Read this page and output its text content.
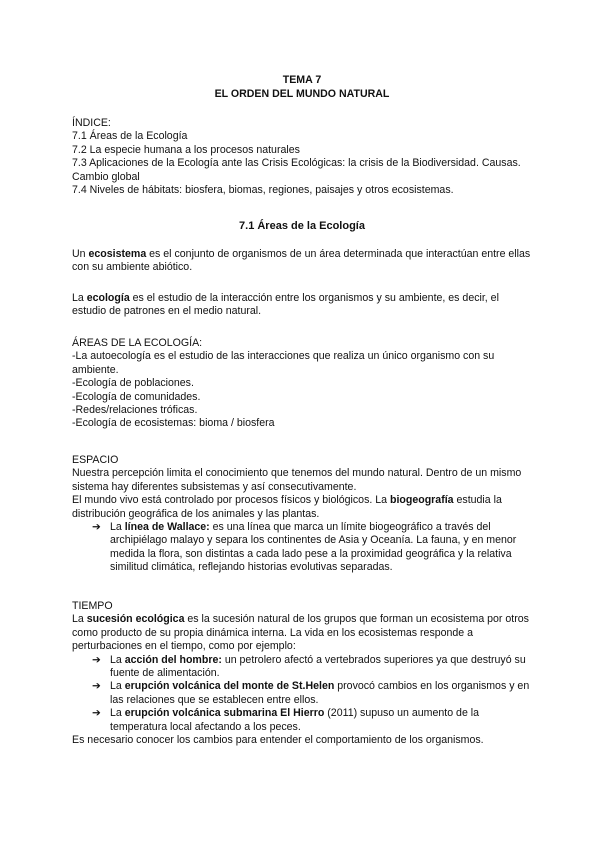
TEMA 7
EL ORDEN DEL MUNDO NATURAL
ÍNDICE:
7.1 Áreas de la Ecología
7.2 La especie humana a los procesos naturales
7.3 Aplicaciones de la Ecología ante las Crisis Ecológicas: la crisis de la Biodiversidad. Causas. Cambio global
7.4 Niveles de hábitats: biosfera, biomas, regiones, paisajes y otros ecosistemas.
7.1 Áreas de la Ecología

Un ecosistema es el conjunto de organismos de un área determinada que interactúan entre ellas con su ambiente abiótico.

La ecología es el estudio de la interacción entre los organismos y su ambiente, es decir, el estudio de patrones en el medio natural.

ÁREAS DE LA ECOLOGÍA:
-La autoecología es el estudio de las interacciones que realiza un único organismo con su ambiente.
-Ecología de poblaciones.
-Ecología de comunidades.
-Redes/relaciones tróficas.
-Ecología de ecosistemas: bioma / biosfera
ESPACIO

Nuestra percepción limita el conocimiento que tenemos del mundo natural. Dentro de un mismo sistema hay diferentes subsistemas y así consecutivamente.

El mundo vivo está controlado por procesos físicos y biológicos. La biogeografía estudia la distribución geográfica de los animales y las plantas.

➔ La línea de Wallace: es una línea que marca un límite biogeográfico a través del archipiélago malayo y separa los continentes de Asia y Oceanía. La fauna, y en menor medida la flora, son distintas a cada lado pese a la proximidad geográfica y la relativa similitud climática, reflejando historias evolutivas separadas.
TIEMPO

La sucesión ecológica es la sucesión natural de los grupos que forman un ecosistema por otros como producto de su propia dinámica interna. La vida en los ecosistemas responde a perturbaciones en el tiempo, como por ejemplo:

➔ La acción del hombre: un petrolero afectó a vertebrados superiores ya que destruyó su fuente de alimentación.
➔ La erupción volcánica del monte de St.Helen provocó cambios en los organismos y en las relaciones que se establecen entre ellos.
➔ La erupción volcánica submarina El Hierro (2011) supuso un aumento de la temperatura local afectando a los peces.

Es necesario conocer los cambios para entender el comportamiento de los organismos.
